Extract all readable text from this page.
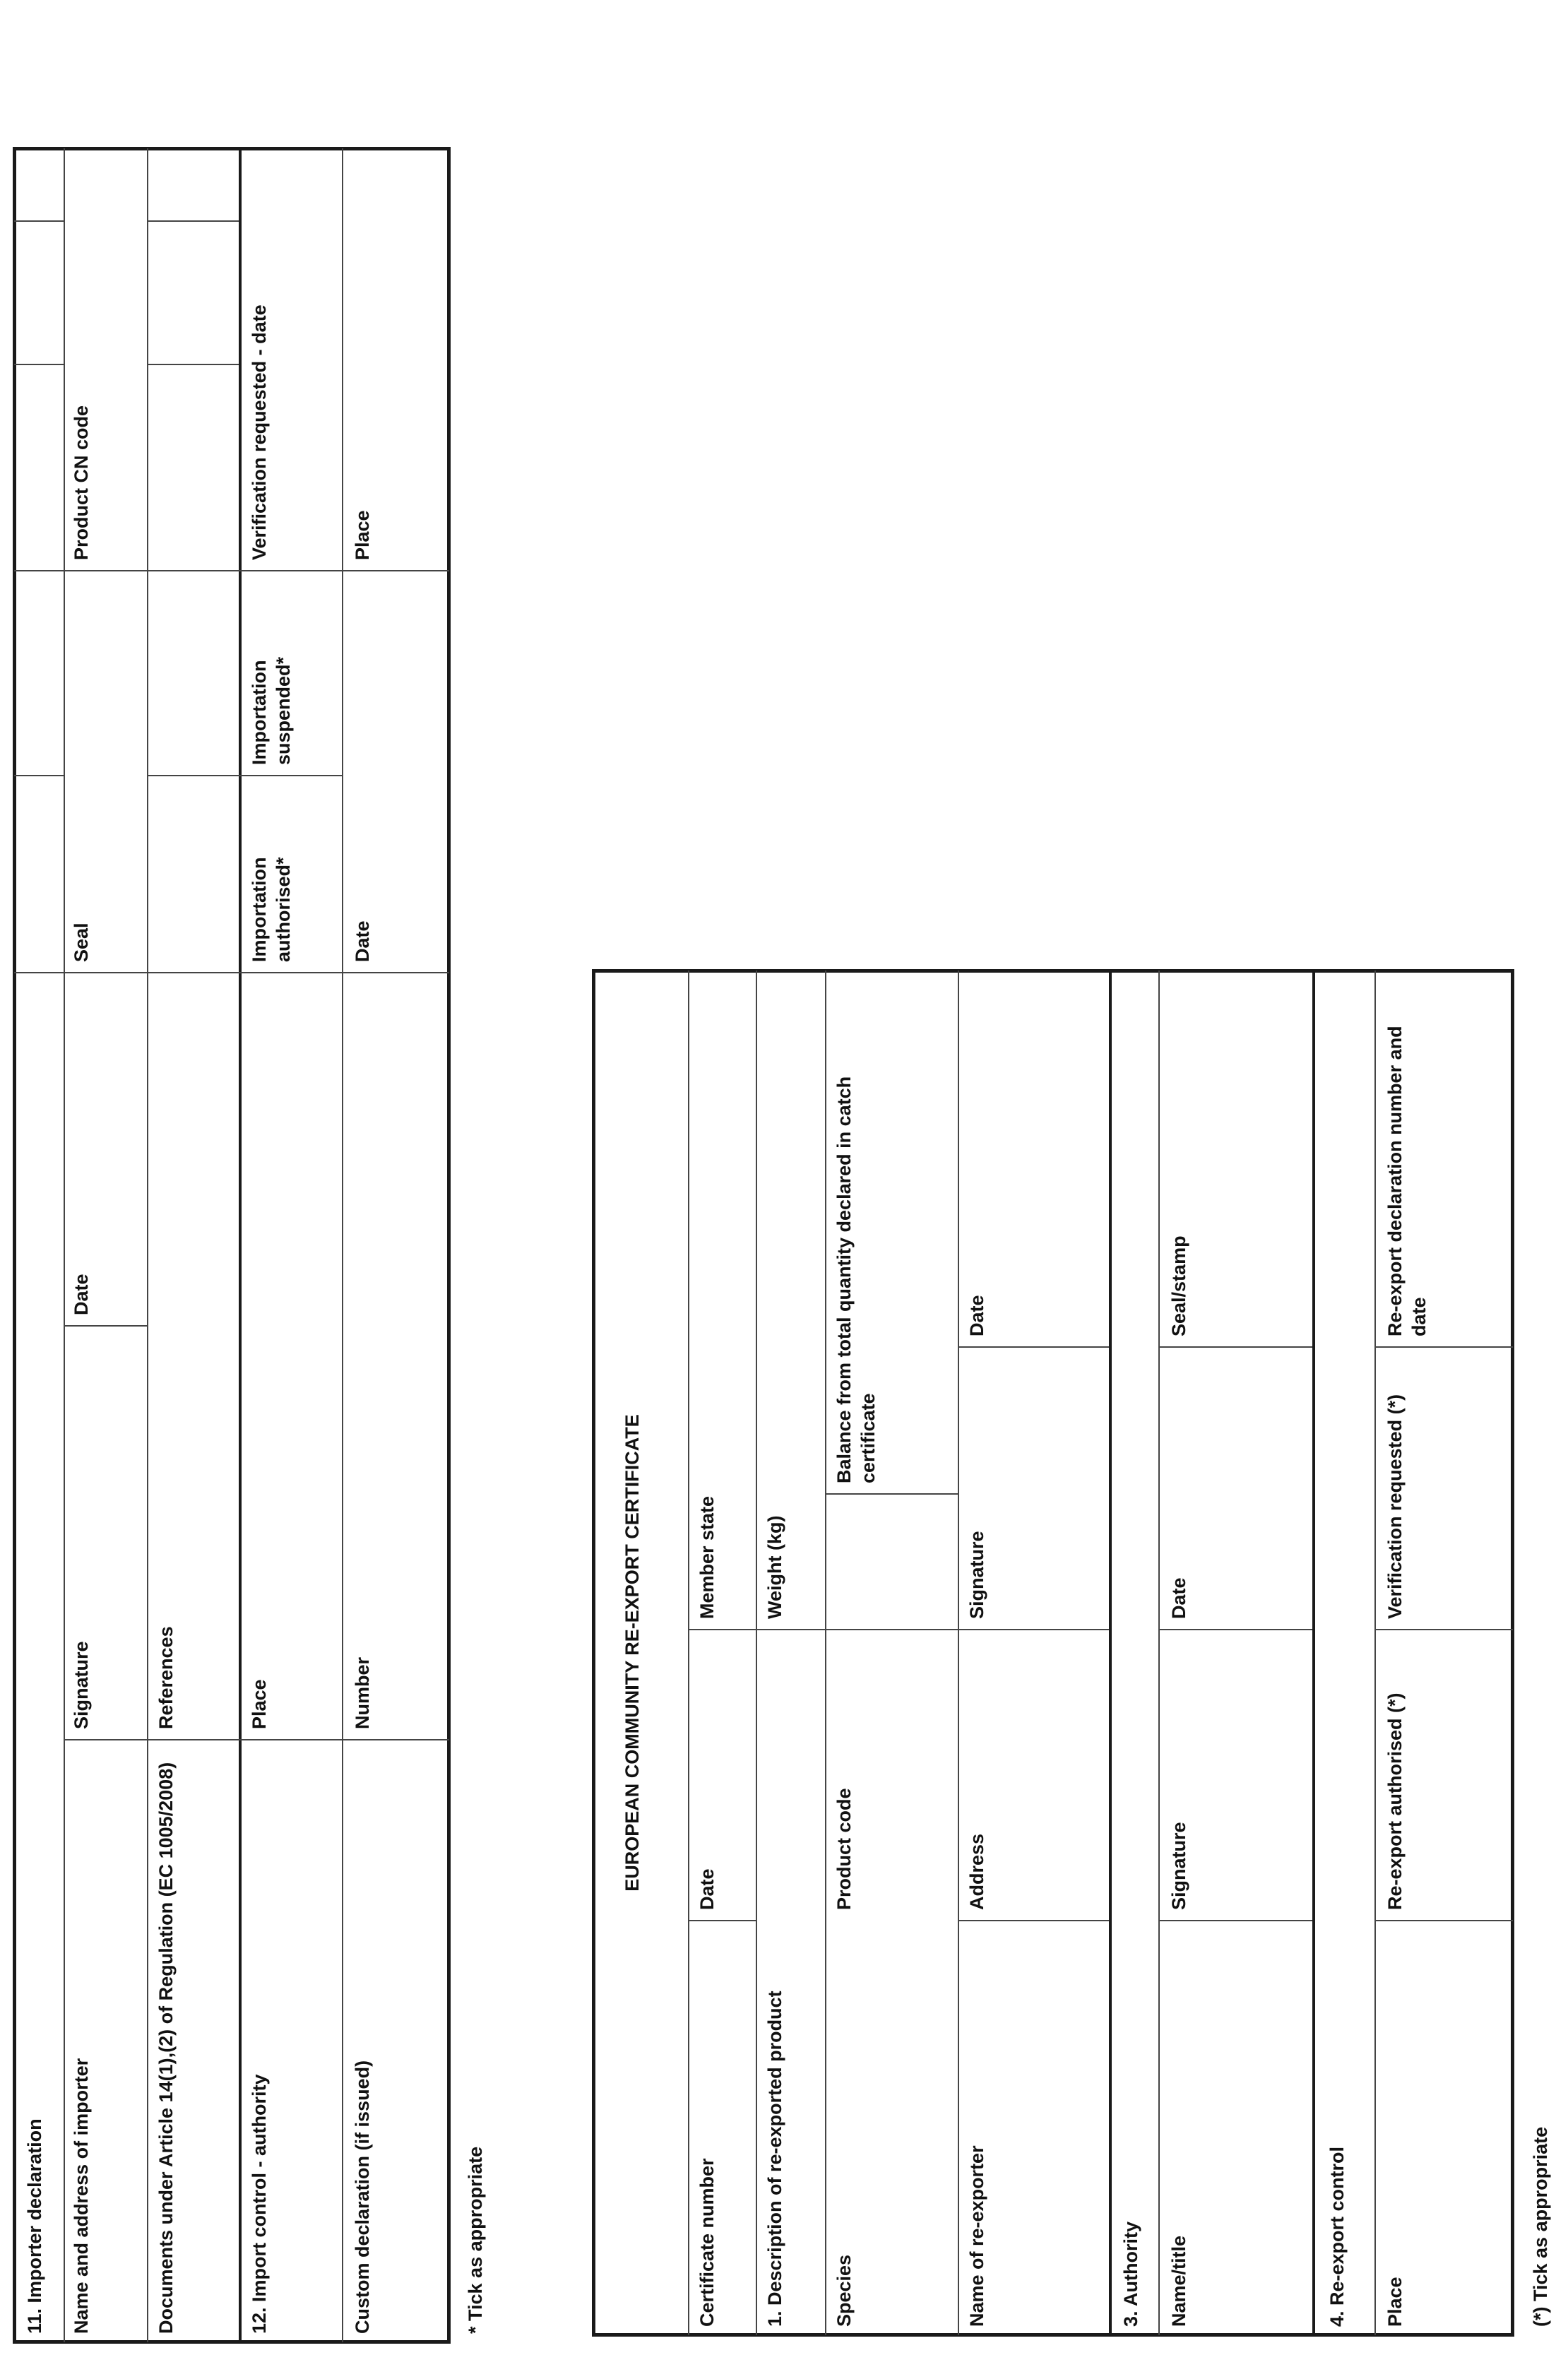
11. Importer declaration Name and address of importer
Signature
Date
Seal
Product CN code
Documents under Article 14(1),(2) of Regulation (EC 1005/2008)
References
12. Import control - authority
Place
Importation authorised*
Importation suspended*
Verification requested - date
Custom declaration (if issued)
Number
Date
Place
* Tick as appropriate
EUROPEAN COMMUNITY RE-EXPORT CERTIFICATE
Certificate number
Date
Member state
1. Description of re-exported product
Weight (kg)
Species
Product code
Balance from total quantity declared in catch certificate
Name of re-exporter
Address
Signature
Date
3. Authority Name/title
Signature
Date
Seal/stamp
4. Re-export control Place
Re-export authorised (*)
Verification requested (*)
Re-export declaration number and date
(*) Tick as appropriate
